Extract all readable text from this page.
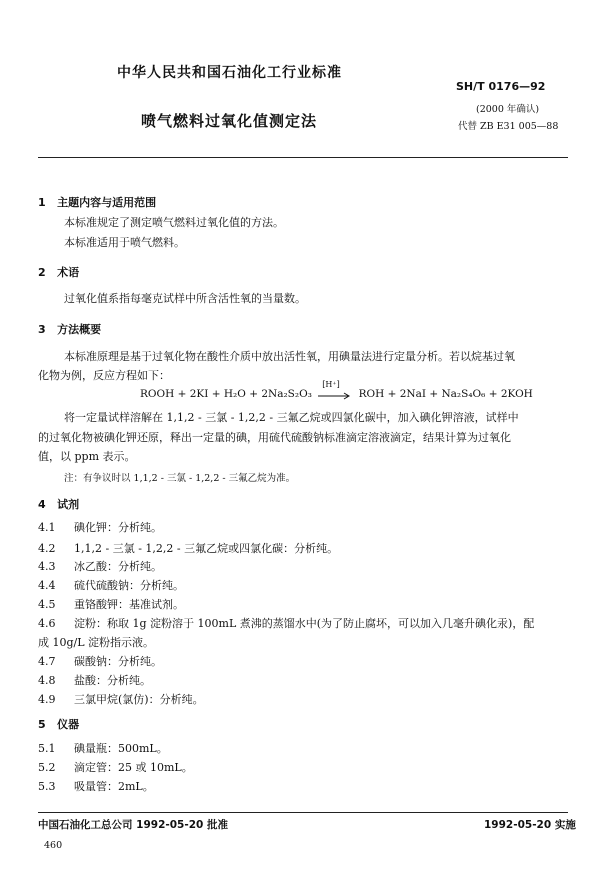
中华人民共和国石油化工行业标准
SH/T 0176—92
(2000 年确认)
喷气燃料过氧化值测定法	代替 ZB E31 005—88
1 主题内容与适用范围
本标准规定了测定喷气燃料过氧化值的方法。
本标准适用于喷气燃料。
2 术语
过氧化值系指每毫克试样中所含活性氧的当量数。
3 方法概要
本标准原理是基于过氧化物在酸性介质中放出活性氧，用碘量法进行定量分析。若以烷基过氧
化物为例，反应方程如下：
ROOH + 2KI + H₂O + 2Na₂S₂O₃
[H⁺]
ROH + 2NaI + Na₂S₄O₆ + 2KOH
将一定量试样溶解在 1,1,2 - 三氯 - 1,2,2 - 三氟乙烷或四氯化碳中，加入碘化钾溶液，试样中
的过氧化物被碘化钾还原，释出一定量的碘，用硫代硫酸钠标准滴定溶液滴定，结果计算为过氧化
值，以 ppm 表示。
注：有争议时以 1,1,2 - 三氯 - 1,2,2 - 三氟乙烷为准。
4 试剂
4.1 碘化钾：分析纯。
4.2 1,1,2 - 三氯 - 1,2,2 - 三氟乙烷或四氯化碳：分析纯。
4.3 冰乙酸：分析纯。
4.4 硫代硫酸钠：分析纯。
4.5 重铬酸钾：基准试剂。
4.6 淀粉：称取 1g 淀粉溶于 100mL 煮沸的蒸馏水中(为了防止腐坏，可以加入几毫升碘化汞)，配
成 10g/L 淀粉指示液。
4.7 碳酸钠：分析纯。
4.8 盐酸：分析纯。
4.9 三氯甲烷(氯仿)：分析纯。
5 仪器
5.1 碘量瓶：500mL。
5.2 滴定管：25 或 10mL。
5.3 吸量管：2mL。
中国石油化工总公司 1992-05-20 批准	1992-05-20 实施
460
